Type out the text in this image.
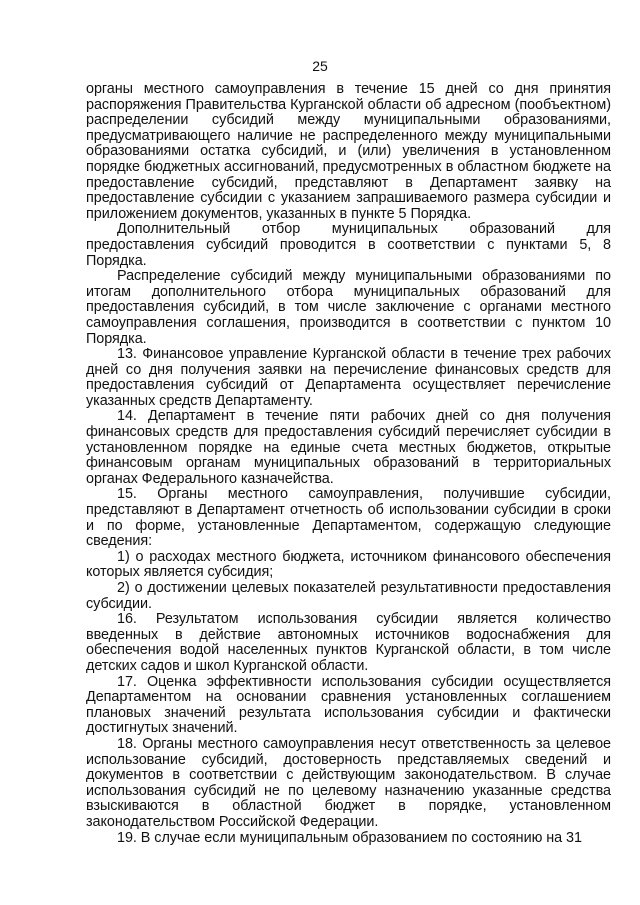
25

органы местного самоуправления в течение 15 дней со дня принятия распоряжения Правительства Курганской области об адресном (пообъектном) распределении субсидий между муниципальными образованиями, предусматривающего наличие не распределенного между муниципальными образованиями остатка субсидий, и (или) увеличения в установленном порядке бюджетных ассигнований, предусмотренных в областном бюджете на предоставление субсидий, представляют в Департамент заявку на предоставление субсидии с указанием запрашиваемого размера субсидии и приложением документов, указанных в пункте 5 Порядка.

Дополнительный отбор муниципальных образований для предоставления субсидий проводится в соответствии с пунктами 5, 8 Порядка.

Распределение субсидий между муниципальными образованиями по итогам дополнительного отбора муниципальных образований для предоставления субсидий, в том числе заключение с органами местного самоуправления соглашения, производится в соответствии с пунктом 10 Порядка.

13. Финансовое управление Курганской области в течение трех рабочих дней со дня получения заявки на перечисление финансовых средств для предоставления субсидий от Департамента осуществляет перечисление указанных средств Департаменту.

14. Департамент в течение пяти рабочих дней со дня получения финансовых средств для предоставления субсидий перечисляет субсидии в установленном порядке на единые счета местных бюджетов, открытые финансовым органам муниципальных образований в территориальных органах Федерального казначейства.

15. Органы местного самоуправления, получившие субсидии, представляют в Департамент отчетность об использовании субсидии в сроки и по форме, установленные Департаментом, содержащую следующие сведения:

1) о расходах местного бюджета, источником финансового обеспечения которых является субсидия;

2) о достижении целевых показателей результативности предоставления субсидии.

16. Результатом использования субсидии является количество введенных в действие автономных источников водоснабжения для обеспечения водой населенных пунктов Курганской области, в том числе детских садов и школ Курганской области.

17. Оценка эффективности использования субсидии осуществляется Департаментом на основании сравнения установленных соглашением плановых значений результата использования субсидии и фактически достигнутых значений.

18. Органы местного самоуправления несут ответственность за целевое использование субсидий, достоверность представляемых сведений и документов в соответствии с действующим законодательством. В случае использования субсидий не по целевому назначению указанные средства взыскиваются в областной бюджет в порядке, установленном законодательством Российской Федерации.

19. В случае если муниципальным образованием по состоянию на 31
